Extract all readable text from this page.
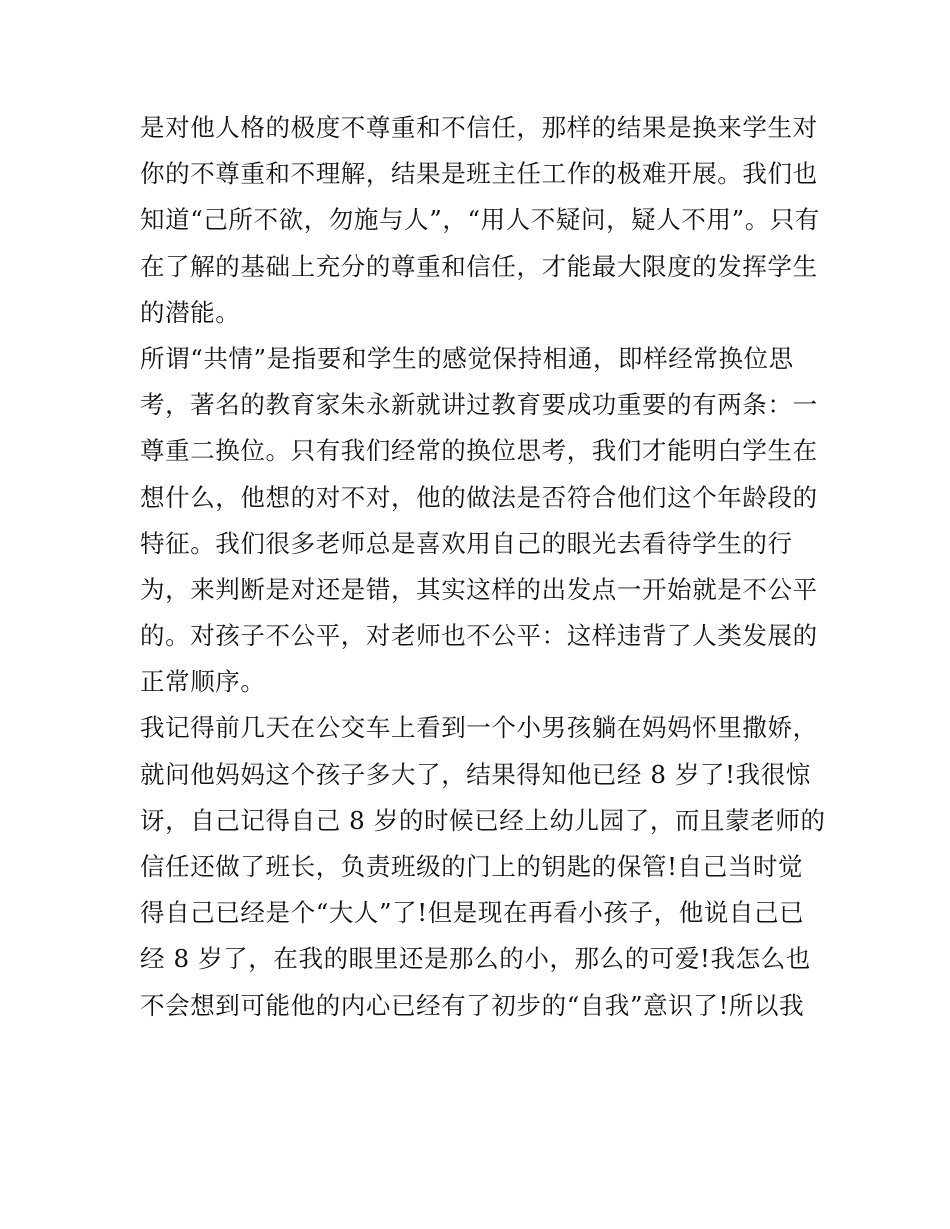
是对他人格的极度不尊重和不信任，那样的结果是换来学生对
你的不尊重和不理解，结果是班主任工作的极难开展。我们也
知道“己所不欲，勿施与人”，“用人不疑问，疑人不用”。只有
在了解的基础上充分的尊重和信任，才能最大限度的发挥学生
的潜能。
所谓“共情”是指要和学生的感觉保持相通，即样经常换位思
考，著名的教育家朱永新就讲过教育要成功重要的有两条：一
尊重二换位。只有我们经常的换位思考，我们才能明白学生在
想什么，他想的对不对，他的做法是否符合他们这个年龄段的
特征。我们很多老师总是喜欢用自己的眼光去看待学生的行
为，来判断是对还是错，其实这样的出发点一开始就是不公平
的。对孩子不公平，对老师也不公平：这样违背了人类发展的
正常顺序。
我记得前几天在公交车上看到一个小男孩躺在妈妈怀里撒娇，
就问他妈妈这个孩子多大了，结果得知他已经 8 岁了!我很惊
讶，自己记得自己 8 岁的时候已经上幼儿园了，而且蒙老师的
信任还做了班长，负责班级的门上的钥匙的保管!自己当时觉
得自己已经是个“大人”了!但是现在再看小孩子，他说自己已
经 8 岁了，在我的眼里还是那么的小，那么的可爱!我怎么也
不会想到可能他的内心已经有了初步的“自我”意识了!所以我
